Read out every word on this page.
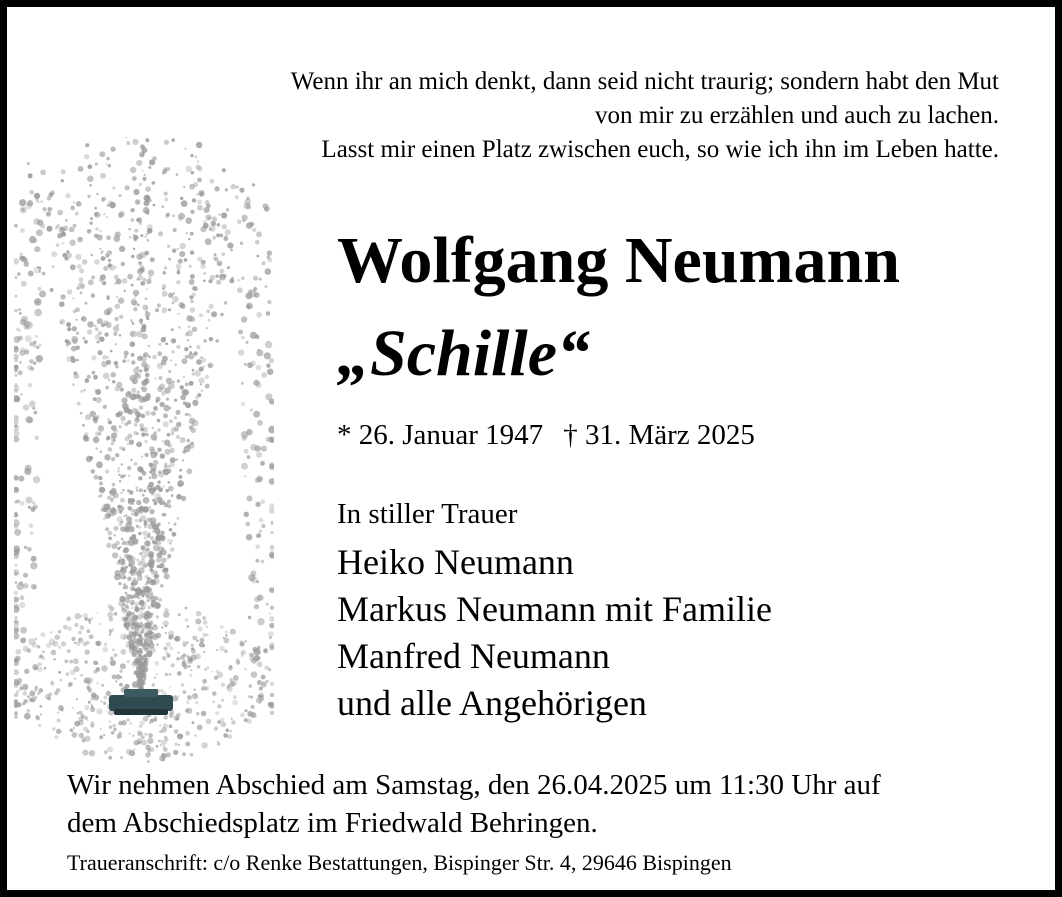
Wenn ihr an mich denkt, dann seid nicht traurig; sondern habt den Mut
von mir zu erzählen und auch zu lachen.
Lasst mir einen Platz zwischen euch, so wie ich ihn im Leben hatte.
Wolfgang Neumann
„Schille“
* 26. Januar 1947 † 31. März 2025
In stiller Trauer
Heiko Neumann
Markus Neumann mit Familie
Manfred Neumann
und alle Angehörigen
Wir nehmen Abschied am Samstag, den 26.04.2025 um 11:30 Uhr auf
dem Abschiedsplatz im Friedwald Behringen.
Traueranschrift: c/o Renke Bestattungen, Bispinger Str. 4, 29646 Bispingen
